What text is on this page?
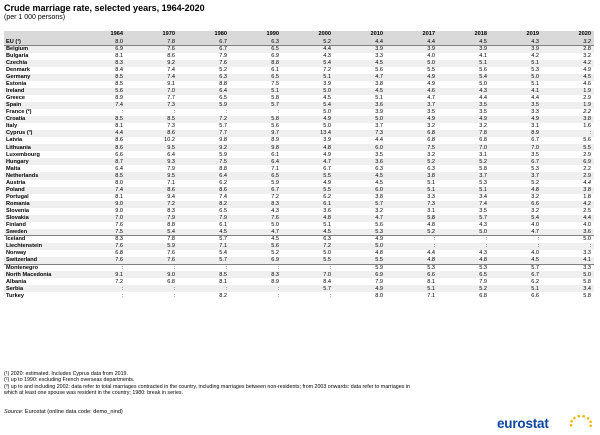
Crude marriage rate, selected years, 1964-2020
(per 1 000 persons)
	1964	1970	1980	1990	2000	2010	2017	2018	2019	2020
EU (¹)	8.0	7.8	6.7	6.3	5.2	4.4	4.4	4.5	4.3	3.2
Belgium	6.9	7.6	6.7	6.5	4.4	3.9	3.9	3.9	3.9	2.8
Bulgaria	8.1	8.6	7.9	6.9	4.3	3.3	4.0	4.1	4.2	3.2
Czechia	8.3	9.2	7.6	8.8	5.4	4.5	5.0	5.1	5.1	4.2
Denmark	8.4	7.4	5.2	6.1	7.2	5.6	5.5	5.6	5.3	4.9
Germany	8.5	7.4	6.3	6.5	5.1	4.7	4.9	5.4	5.0	4.5
Estonia	8.5	9.1	8.8	7.5	3.9	3.8	4.9	5.0	5.1	4.6
Ireland	5.6	7.0	6.4	5.1	5.0	4.5	4.6	4.3	4.1	1.9
Greece	8.9	7.7	6.5	5.8	4.5	5.1	4.7	4.4	4.4	2.9
Spain	7.4	7.3	5.9	5.7	5.4	3.6	3.7	3.5	3.5	1.9
France (²)	:	:	:	:	5.0	3.9	3.5	3.5	3.3	2.2
Croatia	8.5	8.5	7.2	5.8	4.9	5.0	4.9	4.9	4.9	3.8
Italy	8.1	7.3	5.7	5.6	5.0	3.7	3.2	3.2	3.1	1.6
Cyprus (³)	4.4	8.6	7.7	9.7	13.4	7.3	6.8	7.8	8.9	:
Latvia	8.6	10.2	9.8	8.9	3.9	4.4	6.8	6.8	6.7	5.6
Lithuania	8.6	9.5	9.2	9.8	4.8	6.0	7.5	7.0	7.0	5.5
Luxembourg	6.6	6.4	5.9	6.1	4.9	3.5	3.2	3.1	3.5	2.9
Hungary	8.7	9.3	7.5	6.4	4.7	3.6	5.2	5.2	6.7	6.9
Malta	6.4	7.9	8.8	7.1	6.7	6.3	6.3	5.8	5.3	2.2
Netherlands	8.5	9.5	6.4	6.5	5.5	4.5	3.8	3.7	3.7	2.9
Austria	8.0	7.1	6.2	5.9	4.9	4.5	5.1	5.3	5.2	4.4
Poland	7.4	8.6	8.6	6.7	5.5	6.0	5.1	5.1	4.8	3.8
Portugal	8.1	9.4	7.4	7.2	6.2	3.8	3.3	3.4	3.2	1.8
Romania	9.0	7.2	8.2	8.3	6.1	5.7	7.3	7.4	6.6	4.2
Slovenia	9.0	8.3	6.5	4.3	3.6	3.2	3.1	3.5	3.2	2.5
Slovakia	7.0	7.9	7.9	7.6	4.8	4.7	5.8	5.7	5.4	4.4
Finland	7.6	8.8	6.1	5.0	5.1	5.6	4.8	4.3	4.0	4.0
Sweden	7.5	5.4	4.5	4.7	4.5	5.3	5.2	5.0	4.7	3.6
Iceland	8.3	7.8	5.7	4.5	6.3	4.9	:	:	:	5.0
Liechtenstein	7.6	5.9	7.1	5.6	7.2	5.0	:	:	:	:
Norway	6.8	7.6	5.4	5.2	5.0	4.8	4.4	4.3	4.0	3.3
Switzerland	7.6	7.6	5.7	6.9	5.5	5.5	4.8	4.8	4.5	4.1
Montenegro	:	:	:	:	:	5.9	5.3	5.3	5.7	3.3
North Macedonia	9.1	9.0	8.5	8.3	7.0	6.9	6.6	6.5	6.7	5.0
Albania	7.2	6.8	8.1	8.9	8.4	7.9	8.1	7.9	6.2	5.8
Serbia	:	:	:	:	5.7	4.9	5.1	5.2	5.1	3.4
Turkey	:	:	8.2	:	:	8.0	7.1	6.8	6.6	5.8
(¹) 2020: estimated. Includes Cyprus data from 2019.
(²) up to 1990: excluding French overseas departments.
(³) up to and including 2002: data refer to total marriages contracted in the country, including marriages between non-residents; from 2003 onwards: data refer to marriages in
which at least one spouse was resident in the country; 1980: break in series.
Source: Eurostat (online data code: demo_nind)
eurostat
